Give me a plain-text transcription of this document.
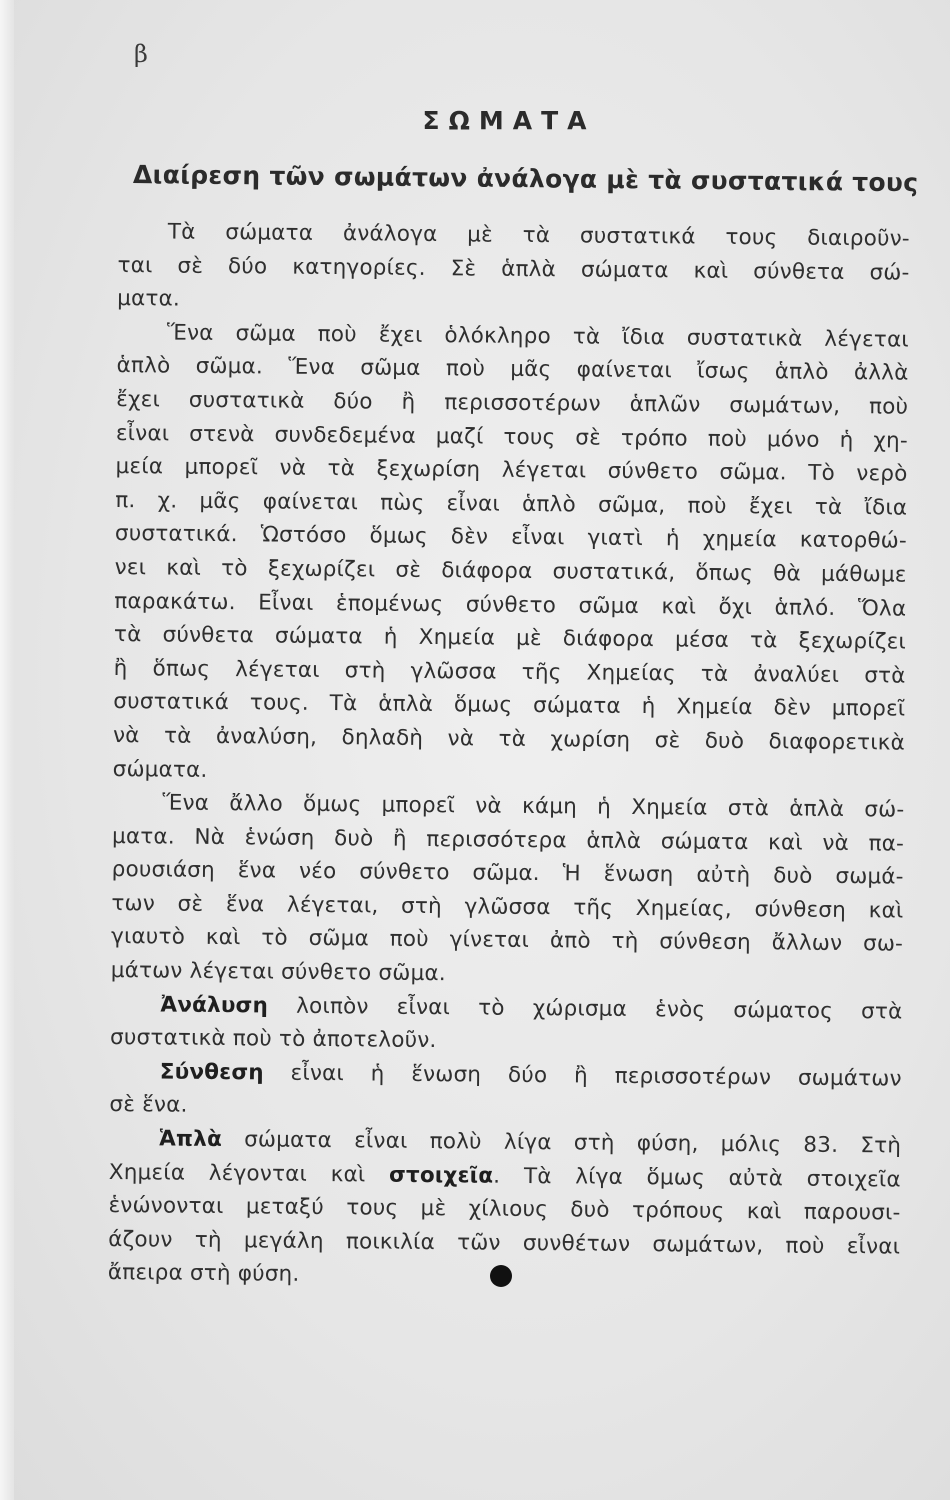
β
ΣΩΜΑΤΑ
Διαίρεση τῶν σωμάτων ἀνάλογα μὲ τὰ συστατικά τους
Τὰ σώματα ἀνάλογα μὲ τὰ συστατικά τους διαιροῦν-
ται σὲ δύο κατηγορίες. Σὲ ἁπλὰ σώματα καὶ σύνθετα σώ-
ματα.
Ἕνα σῶμα ποὺ ἔχει ὁλόκληρο τὰ ἴδια συστατικὰ λέγεται
ἁπλὸ σῶμα. Ἕνα σῶμα ποὺ μᾶς φαίνεται ἴσως ἁπλὸ ἀλλὰ
ἔχει συστατικὰ δύο ἢ περισσοτέρων ἁπλῶν σωμάτων, ποὺ
εἶναι στενὰ συνδεδεμένα μαζί τους σὲ τρόπο ποὺ μόνο ἡ χη-
μεία μπορεῖ νὰ τὰ ξεχωρίση λέγεται σύνθετο σῶμα. Τὸ νερὸ
π. χ. μᾶς φαίνεται πὼς εἶναι ἁπλὸ σῶμα, ποὺ ἔχει τὰ ἴδια
συστατικά. Ὡστόσο ὅμως δὲν εἶναι γιατὶ ἡ χημεία κατορθώ-
νει καὶ τὸ ξεχωρίζει σὲ διάφορα συστατικά, ὅπως θὰ μάθωμε
παρακάτω. Εἶναι ἑπομένως σύνθετο σῶμα καὶ ὄχι ἁπλό. Ὅλα
τὰ σύνθετα σώματα ἡ Χημεία μὲ διάφορα μέσα τὰ ξεχωρίζει
ἢ ὅπως λέγεται στὴ γλῶσσα τῆς Χημείας τὰ ἀναλύει στὰ
συστατικά τους. Τὰ ἁπλὰ ὅμως σώματα ἡ Χημεία δὲν μπορεῖ
νὰ τὰ ἀναλύση, δηλαδὴ νὰ τὰ χωρίση σὲ δυὸ διαφορετικὰ
σώματα.
Ἕνα ἄλλο ὅμως μπορεῖ νὰ κάμη ἡ Χημεία στὰ ἁπλὰ σώ-
ματα. Νὰ ἑνώση δυὸ ἢ περισσότερα ἁπλὰ σώματα καὶ νὰ πα-
ρουσιάση ἕνα νέο σύνθετο σῶμα. Ἡ ἕνωση αὐτὴ δυὸ σωμά-
των σὲ ἕνα λέγεται, στὴ γλῶσσα τῆς Χημείας, σύνθεση καὶ
γιαυτὸ καὶ τὸ σῶμα ποὺ γίνεται ἀπὸ τὴ σύνθεση ἄλλων σω-
μάτων λέγεται σύνθετο σῶμα.
Ἀνάλυση λοιπὸν εἶναι τὸ χώρισμα ἑνὸς σώματος στὰ
συστατικὰ ποὺ τὸ ἀποτελοῦν.
Σύνθεση εἶναι ἡ ἕνωση δύο ἢ περισσοτέρων σωμάτων
σὲ ἕνα.
Ἁπλὰ σώματα εἶναι πολὺ λίγα στὴ φύση, μόλις 83. Στὴ
Χημεία λέγονται καὶ στοιχεῖα. Τὰ λίγα ὅμως αὐτὰ στοιχεῖα
ἑνώνονται μεταξύ τους μὲ χίλιους δυὸ τρόπους καὶ παρουσι-
άζουν τὴ μεγάλη ποικιλία τῶν συνθέτων σωμάτων, ποὺ εἶναι
ἄπειρα στὴ φύση.
